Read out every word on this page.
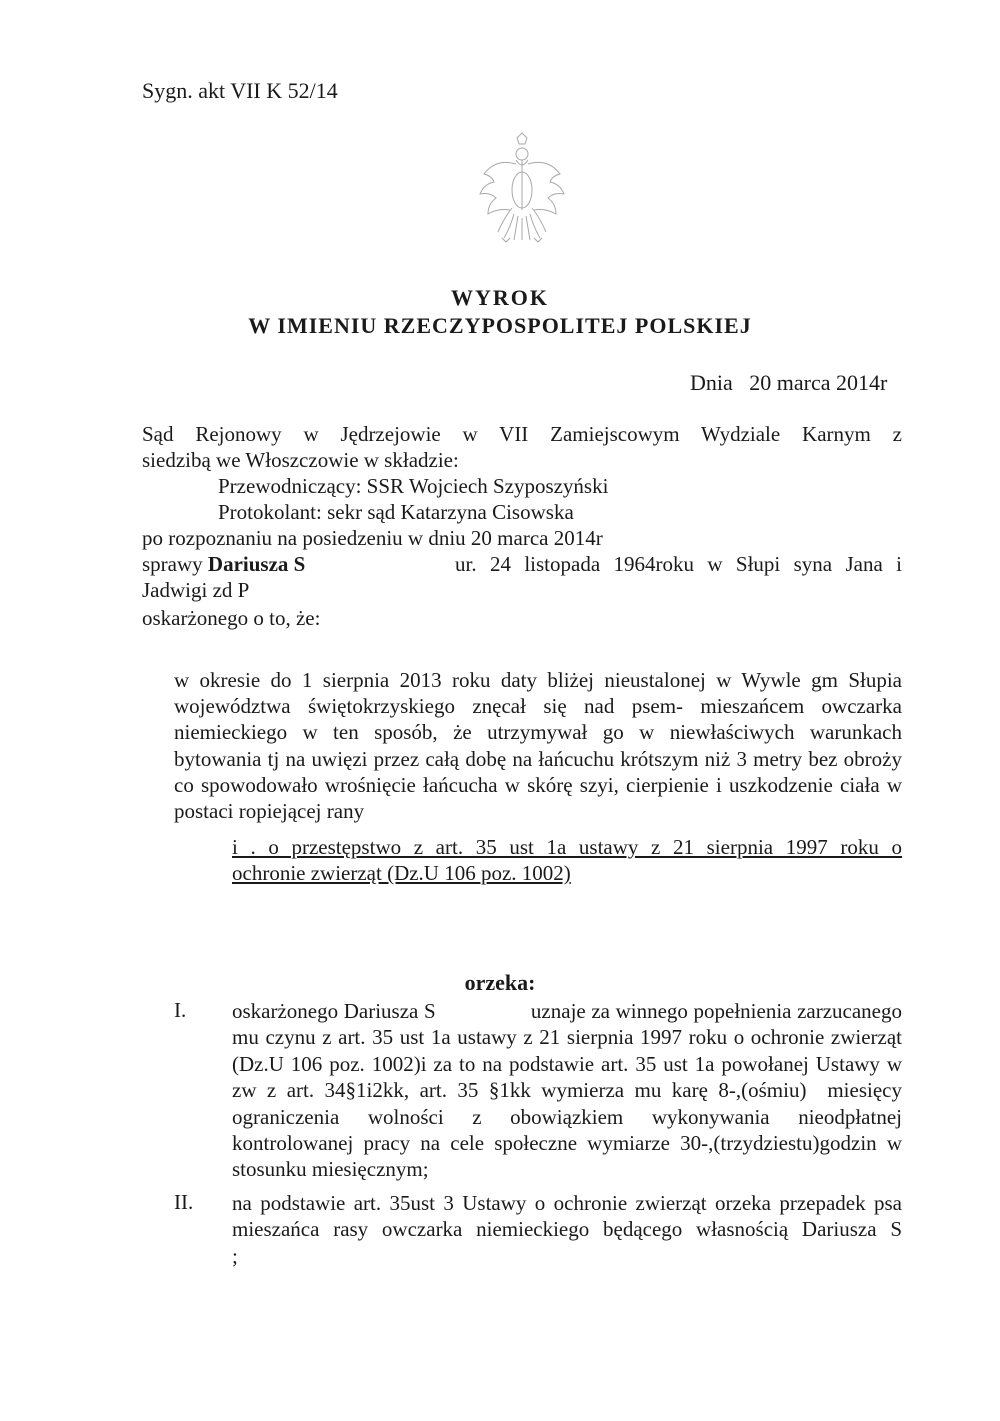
Sygn. akt VII K 52/14
WYROK
W IMIENIU RZECZYPOSPOLITEJ POLSKIEJ
Dnia   20 marca 2014r
Sąd Rejonowy w Jędrzejowie w VII Zamiejscowym Wydziale Karnym z
siedzibą we Włoszczowie w składzie:
Przewodniczący: SSR Wojciech Szyposzyński
Protokolant: sekr sąd Katarzyna Cisowska
po rozpoznaniu na posiedzeniu w dniu 20 marca 2014r
sprawy Dariusza S	ur. 24 listopada 1964roku w Słupi syna Jana i
Jadwigi zd P
oskarżonego o to, że:
w okresie do 1 sierpnia 2013 roku daty bliżej nieustalonej w Wywle gm Słupia województwa świętokrzyskiego znęcał się nad psem- mieszańcem owczarka niemieckiego w ten sposób, że utrzymywał go w niewłaściwych warunkach bytowania tj na uwięzi przez całą dobę na łańcuchu krótszym niż 3 metry bez obroży co spowodowało wrośnięcie łańcucha w skórę szyi, cierpienie i uszkodzenie ciała w postaci ropiejącej rany
i . o przestępstwo z art. 35 ust 1a ustawy z 21 sierpnia 1997 roku o
ochronie zwierząt (Dz.U 106 poz. 1002)
orzeka:
I. oskarżonego Dariusza S                 uznaje za winnego popełnienia zarzucanego mu czynu z art. 35 ust 1a ustawy z 21 sierpnia 1997 roku o ochronie zwierząt (Dz.U 106 poz. 1002)i za to na podstawie art. 35 ust 1a powołanej Ustawy w zw z art. 34§1i2kk, art. 35 §1kk wymierza mu karę 8-,(ośmiu)  miesięcy ograniczenia wolności z obowiązkiem wykonywania nieodpłatnej kontrolowanej pracy na cele społeczne wymiarze 30-,(trzydziestu)godzin w stosunku miesięcznym;
II. na podstawie art. 35ust 3 Ustawy o ochronie zwierząt orzeka przepadek psa mieszańca rasy owczarka niemieckiego będącego własnością Dariusza S                ;
